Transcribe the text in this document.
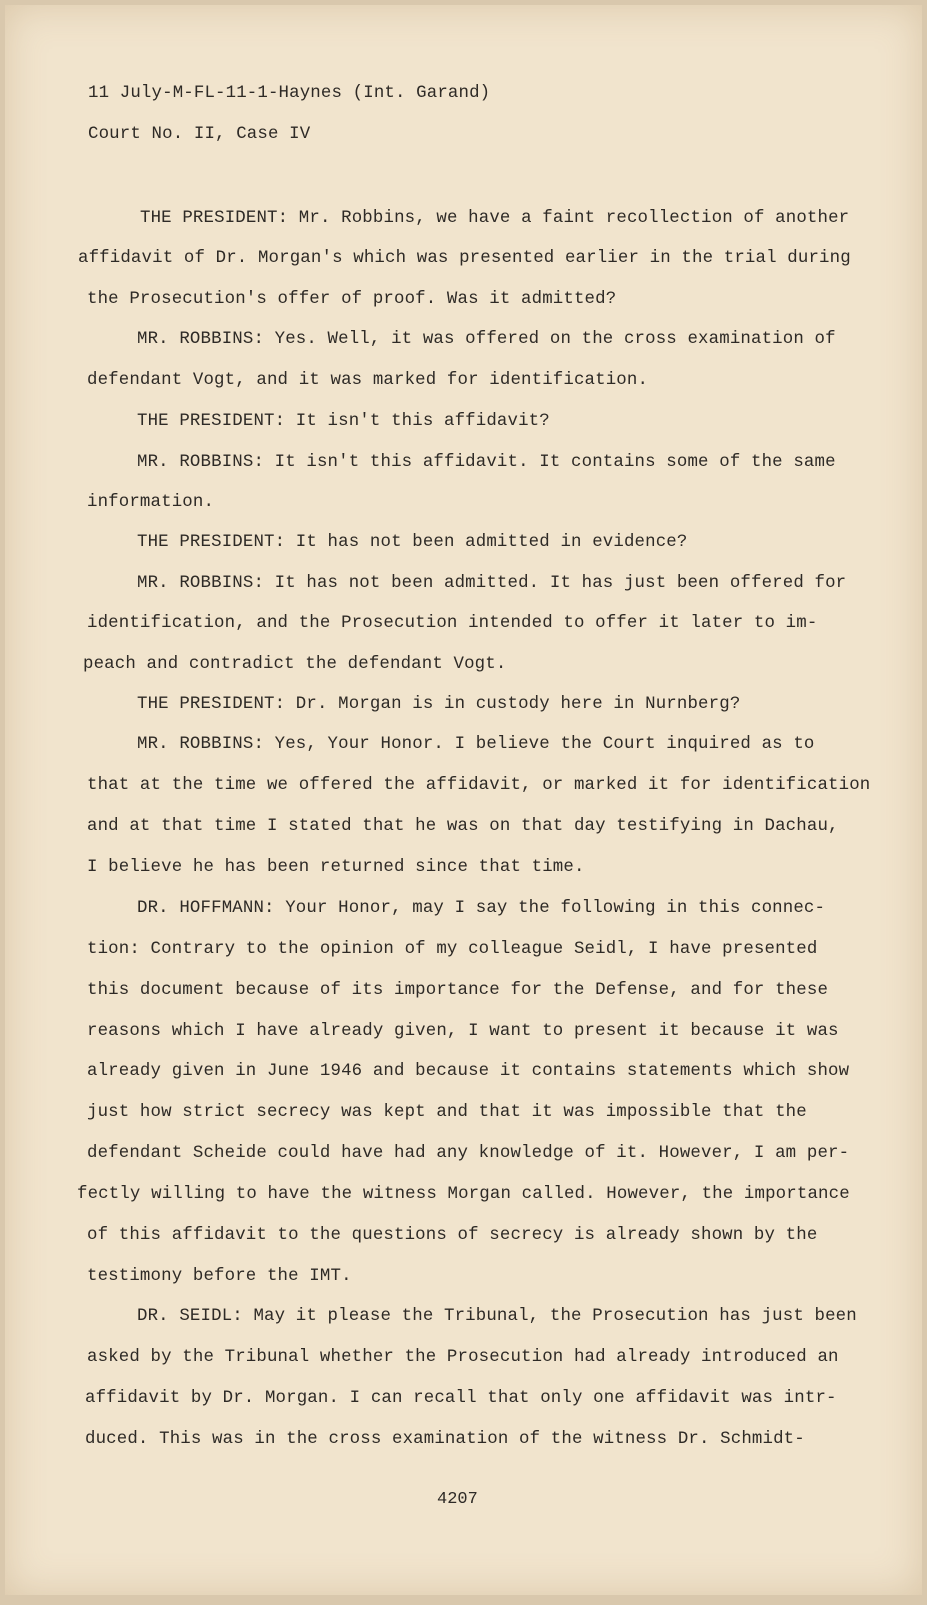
11 July-M-FL-11-1-Haynes (Int. Garand)
Court No. II, Case IV
THE PRESIDENT: Mr. Robbins, we have a faint recollection of another
affidavit of Dr. Morgan's which was presented earlier in the trial during
the Prosecution's offer of proof. Was it admitted?
MR. ROBBINS: Yes. Well, it was offered on the cross examination of
defendant Vogt, and it was marked for identification.
THE PRESIDENT: It isn't this affidavit?
MR. ROBBINS: It isn't this affidavit. It contains some of the same
information.
THE PRESIDENT: It has not been admitted in evidence?
MR. ROBBINS: It has not been admitted. It has just been offered for
identification, and the Prosecution intended to offer it later to im-
peach and contradict the defendant Vogt.
THE PRESIDENT: Dr. Morgan is in custody here in Nurnberg?
MR. ROBBINS: Yes, Your Honor. I believe the Court inquired as to
that at the time we offered the affidavit, or marked it for identification
and at that time I stated that he was on that day testifying in Dachau,
I believe he has been returned since that time.
DR. HOFFMANN: Your Honor, may I say the following in this connec-
tion: Contrary to the opinion of my colleague Seidl, I have presented
this document because of its importance for the Defense, and for these
reasons which I have already given, I want to present it because it was
already given in June 1946 and because it contains statements which show
just how strict secrecy was kept and that it was impossible that the
defendant Scheide could have had any knowledge of it. However, I am per-
fectly willing to have the witness Morgan called. However, the importance
of this affidavit to the questions of secrecy is already shown by the
testimony before the IMT.
DR. SEIDL: May it please the Tribunal, the Prosecution has just been
asked by the Tribunal whether the Prosecution had already introduced an
affidavit by Dr. Morgan. I can recall that only one affidavit was intr-
duced. This was in the cross examination of the witness Dr. Schmidt-
4207
